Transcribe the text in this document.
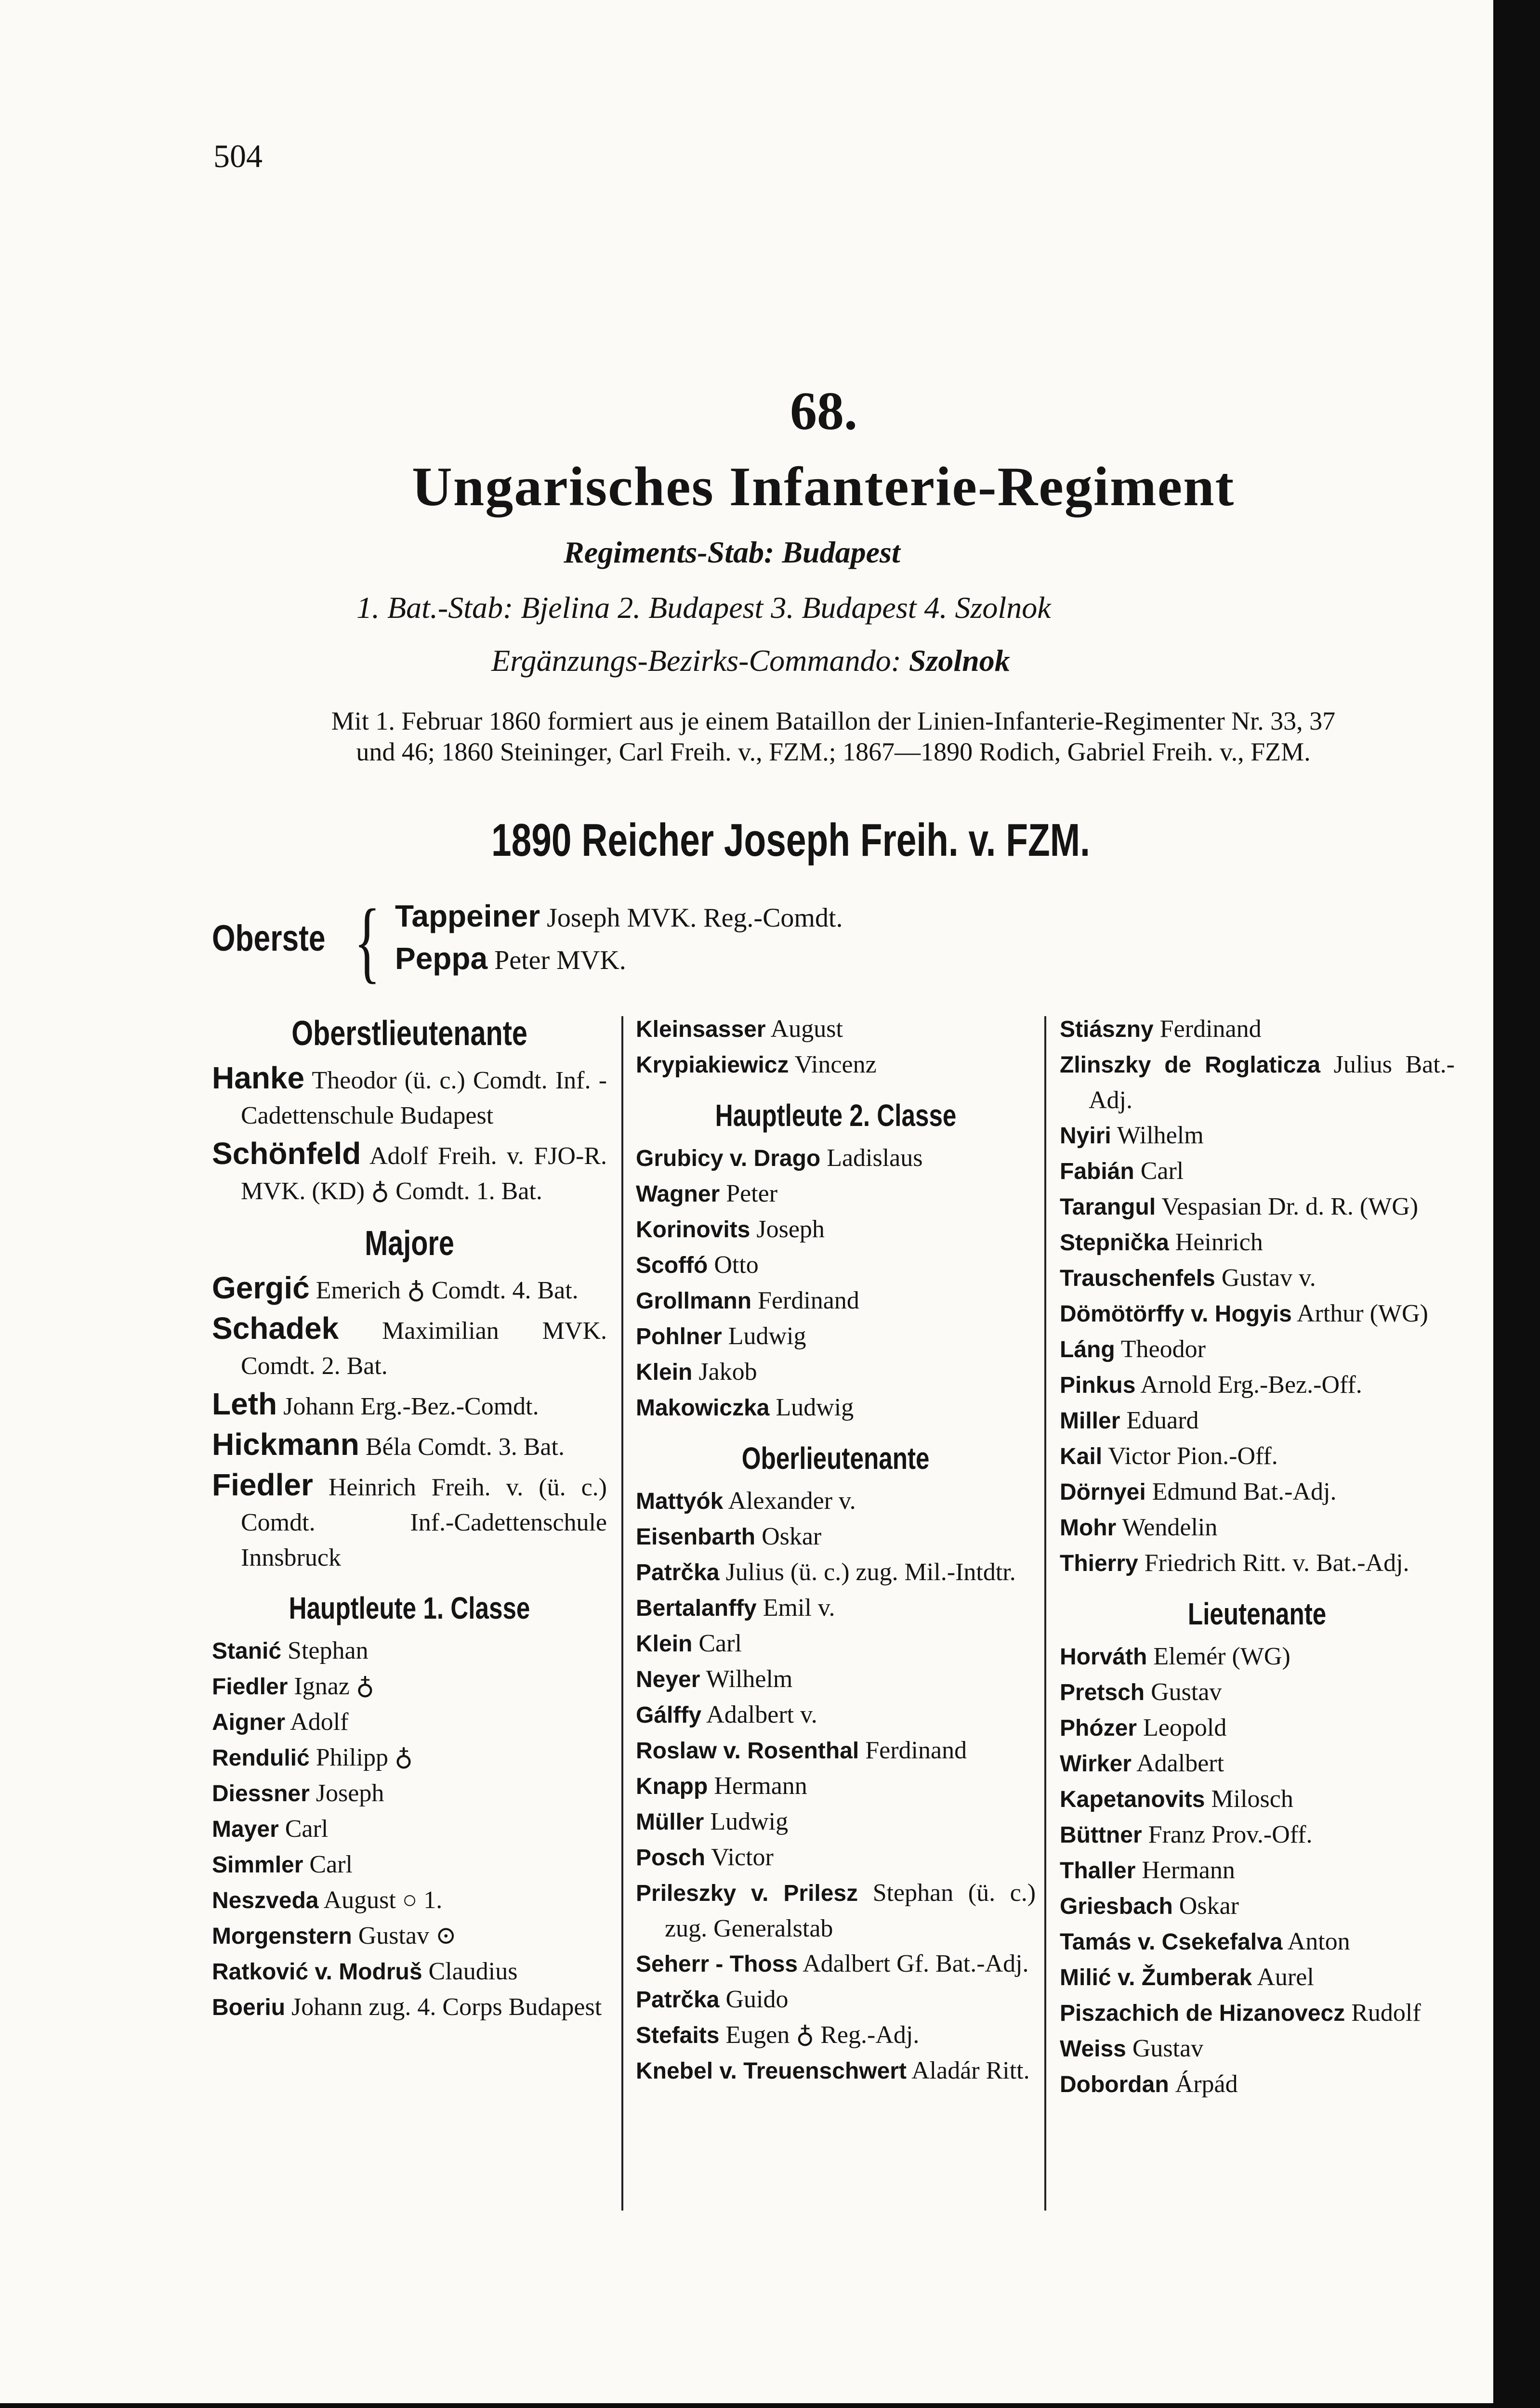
504
68.
Ungarisches Infanterie-Regiment
Regiments-Stab: Budapest
1. Bat.-Stab: Bjelina 2. Budapest 3. Budapest 4. Szolnok
Ergänzungs-Bezirks-Commando: Szolnok
Mit 1. Februar 1860 formiert aus je einem Bataillon der Linien-Infanterie-Regimenter Nr. 33, 37
und 46; 1860 Steininger, Carl Freih. v., FZM.; 1867—1890 Rodich, Gabriel Freih. v., FZM.
1890 Reicher Joseph Freih. v. FZM.
Oberste { Tappeiner Joseph MVK. Reg.-Comdt.
Peppa Peter MVK.
Oberstlieutenante

Hanke Theodor (ü. c.) Comdt. Inf. - Cadettenschule Budapest

Schönfeld Adolf Freih. v. FJO-R. MVK. (KD) ♁ Comdt. 1. Bat.

Majore

Gergić Emerich ♁ Comdt. 4. Bat.

Schadek Maximilian MVK. Comdt. 2. Bat.

Leth Johann Erg.-Bez.-Comdt.

Hickmann Béla Comdt. 3. Bat.

Fiedler Heinrich Freih. v. (ü. c.) Comdt. Inf.-Cadettenschule Innsbruck

Hauptleute 1. Classe

Stanić Stephan

Fiedler Ignaz ♁

Aigner Adolf

Rendulić Philipp ♁

Diessner Joseph

Mayer Carl

Simmler Carl

Neszveda August ○ 1.

Morgenstern Gustav ⊙

Ratković v. Modruš Claudius

Boeriu Johann zug. 4. Corps Budapest

Kleinsasser August

Krypiakiewicz Vincenz

Hauptleute 2. Classe

Grubicy v. Drago Ladislaus

Wagner Peter

Korinovits Joseph

Scoffó Otto

Grollmann Ferdinand

Pohlner Ludwig

Klein Jakob

Makowiczka Ludwig

Oberlieutenante

Mattyók Alexander v.

Eisenbarth Oskar

Patrčka Julius (ü. c.) zug. Mil.-Intdtr.

Bertalanffy Emil v.

Klein Carl

Neyer Wilhelm

Gálffy Adalbert v.

Roslaw v. Rosenthal Ferdinand

Knapp Hermann

Müller Ludwig

Posch Victor

Prileszky v. Prilesz Stephan (ü. c.) zug. Generalstab

Seherr - Thoss Adalbert Gf. Bat.-Adj.

Patrčka Guido

Stefaits Eugen ♁ Reg.-Adj.

Knebel v. Treuenschwert Aladár Ritt.

Stiászny Ferdinand

Zlinszky de Roglaticza Julius Bat.-Adj.

Nyiri Wilhelm

Fabián Carl

Tarangul Vespasian Dr. d. R. (WG)

Stepnička Heinrich

Trauschenfels Gustav v.

Dömötörffy v. Hogyis Arthur (WG)

Láng Theodor

Pinkus Arnold Erg.-Bez.-Off.

Miller Eduard

Kail Victor Pion.-Off.

Dörnyei Edmund Bat.-Adj.

Mohr Wendelin

Thierry Friedrich Ritt. v. Bat.-Adj.

Lieutenante

Horváth Elemér (WG)

Pretsch Gustav

Phózer Leopold

Wirker Adalbert

Kapetanovits Milosch

Büttner Franz Prov.-Off.

Thaller Hermann

Griesbach Oskar

Tamás v. Csekefalva Anton

Milić v. Žumberak Aurel

Piszachich de Hizanovecz Rudolf

Weiss Gustav

Dobordan Árpád
